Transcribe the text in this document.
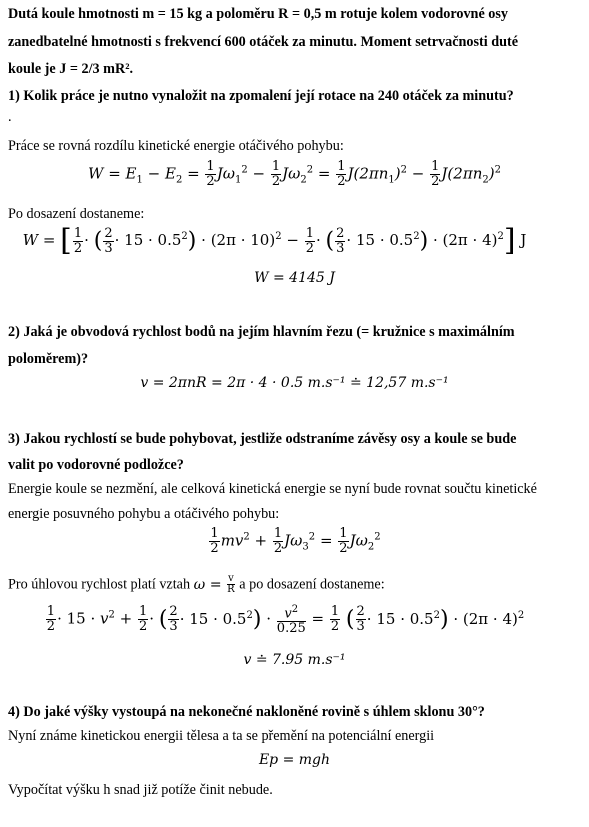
Dutá koule hmotnosti m = 15 kg a poloměru R = 0,5 m rotuje kolem vodorovné osy
zanedbatelné hmotnosti s frekvencí 600 otáček za minutu. Moment setrvačnosti duté
koule je J = 2/3 mR².
1) Kolik práce je nutno vynaložit na zpomalení její rotace na 240 otáček za minutu?
.
Práce se rovná rozdílu kinetické energie otáčivého pohybu:
$W = E_1 - E_2 = \frac{1}{2} J\omega_1^2 - \frac{1}{2} J\omega_2^2 = \frac{1}{2} J(2\pi n_1)^2 - \frac{1}{2} J(2\pi n_2)^2$
Po dosazení dostaneme:
W = [ $\frac{1}{2}$ · ( $\frac{2}{3} \cdot 15 \cdot 0.5^2) \cdot (2\pi \cdot 10)^2 - \frac{1}{2}$ · ( $\frac{2}{3} \cdot 15 \cdot 0.5^2) \cdot (2\pi \cdot 4)^2$] J
W = 4145 J
2) Jaká je obvodová rychlost bodů na jejím hlavním řezu (= kružnice s maximálním
poloměrem)?
v = 2πnR = 2π · 4 · 0.5 m.s⁻¹ ≐ 12,57 m.s⁻¹
3) Jakou rychlostí se bude pohybovat, jestliže odstraníme závěsy osy a koule se bude
valit po vodorovné podložce?
Energie koule se nezmění, ale celková kinetická energie se nyní bude rovnat součtu kinetické
energie posuvného pohybu a otáčivého pohybu:
$\frac{1}{2} mv^2 + \frac{1}{2} J\omega_3^2 = \frac{1}{2} J\omega_2^2$
Pro úhlovou rychlost platí vztah $\omega = \frac{v}{R}$ a po dosazení dostaneme:
$\frac{1}{2} \cdot 15 \cdot v^2 + \frac{1}{2}$ · ( $\frac{2}{3} \cdot 15 \cdot 0.5^2) \cdot \frac{v^2}{0.25} = \frac{1}{2}$ ( $\frac{2}{3} \cdot 15 \cdot 0.5^2) \cdot (2\pi \cdot 4)^2$
v ≐ 7.95 m.s⁻¹
4) Do jaké výšky vystoupá na nekonečné nakloněné rovině s úhlem sklonu 30°?
Nyní známe kinetickou energii tělesa a ta se přemění na potenciální energii
Ep = mgh
Vypočítat výšku h snad již potíže činit nebude.
